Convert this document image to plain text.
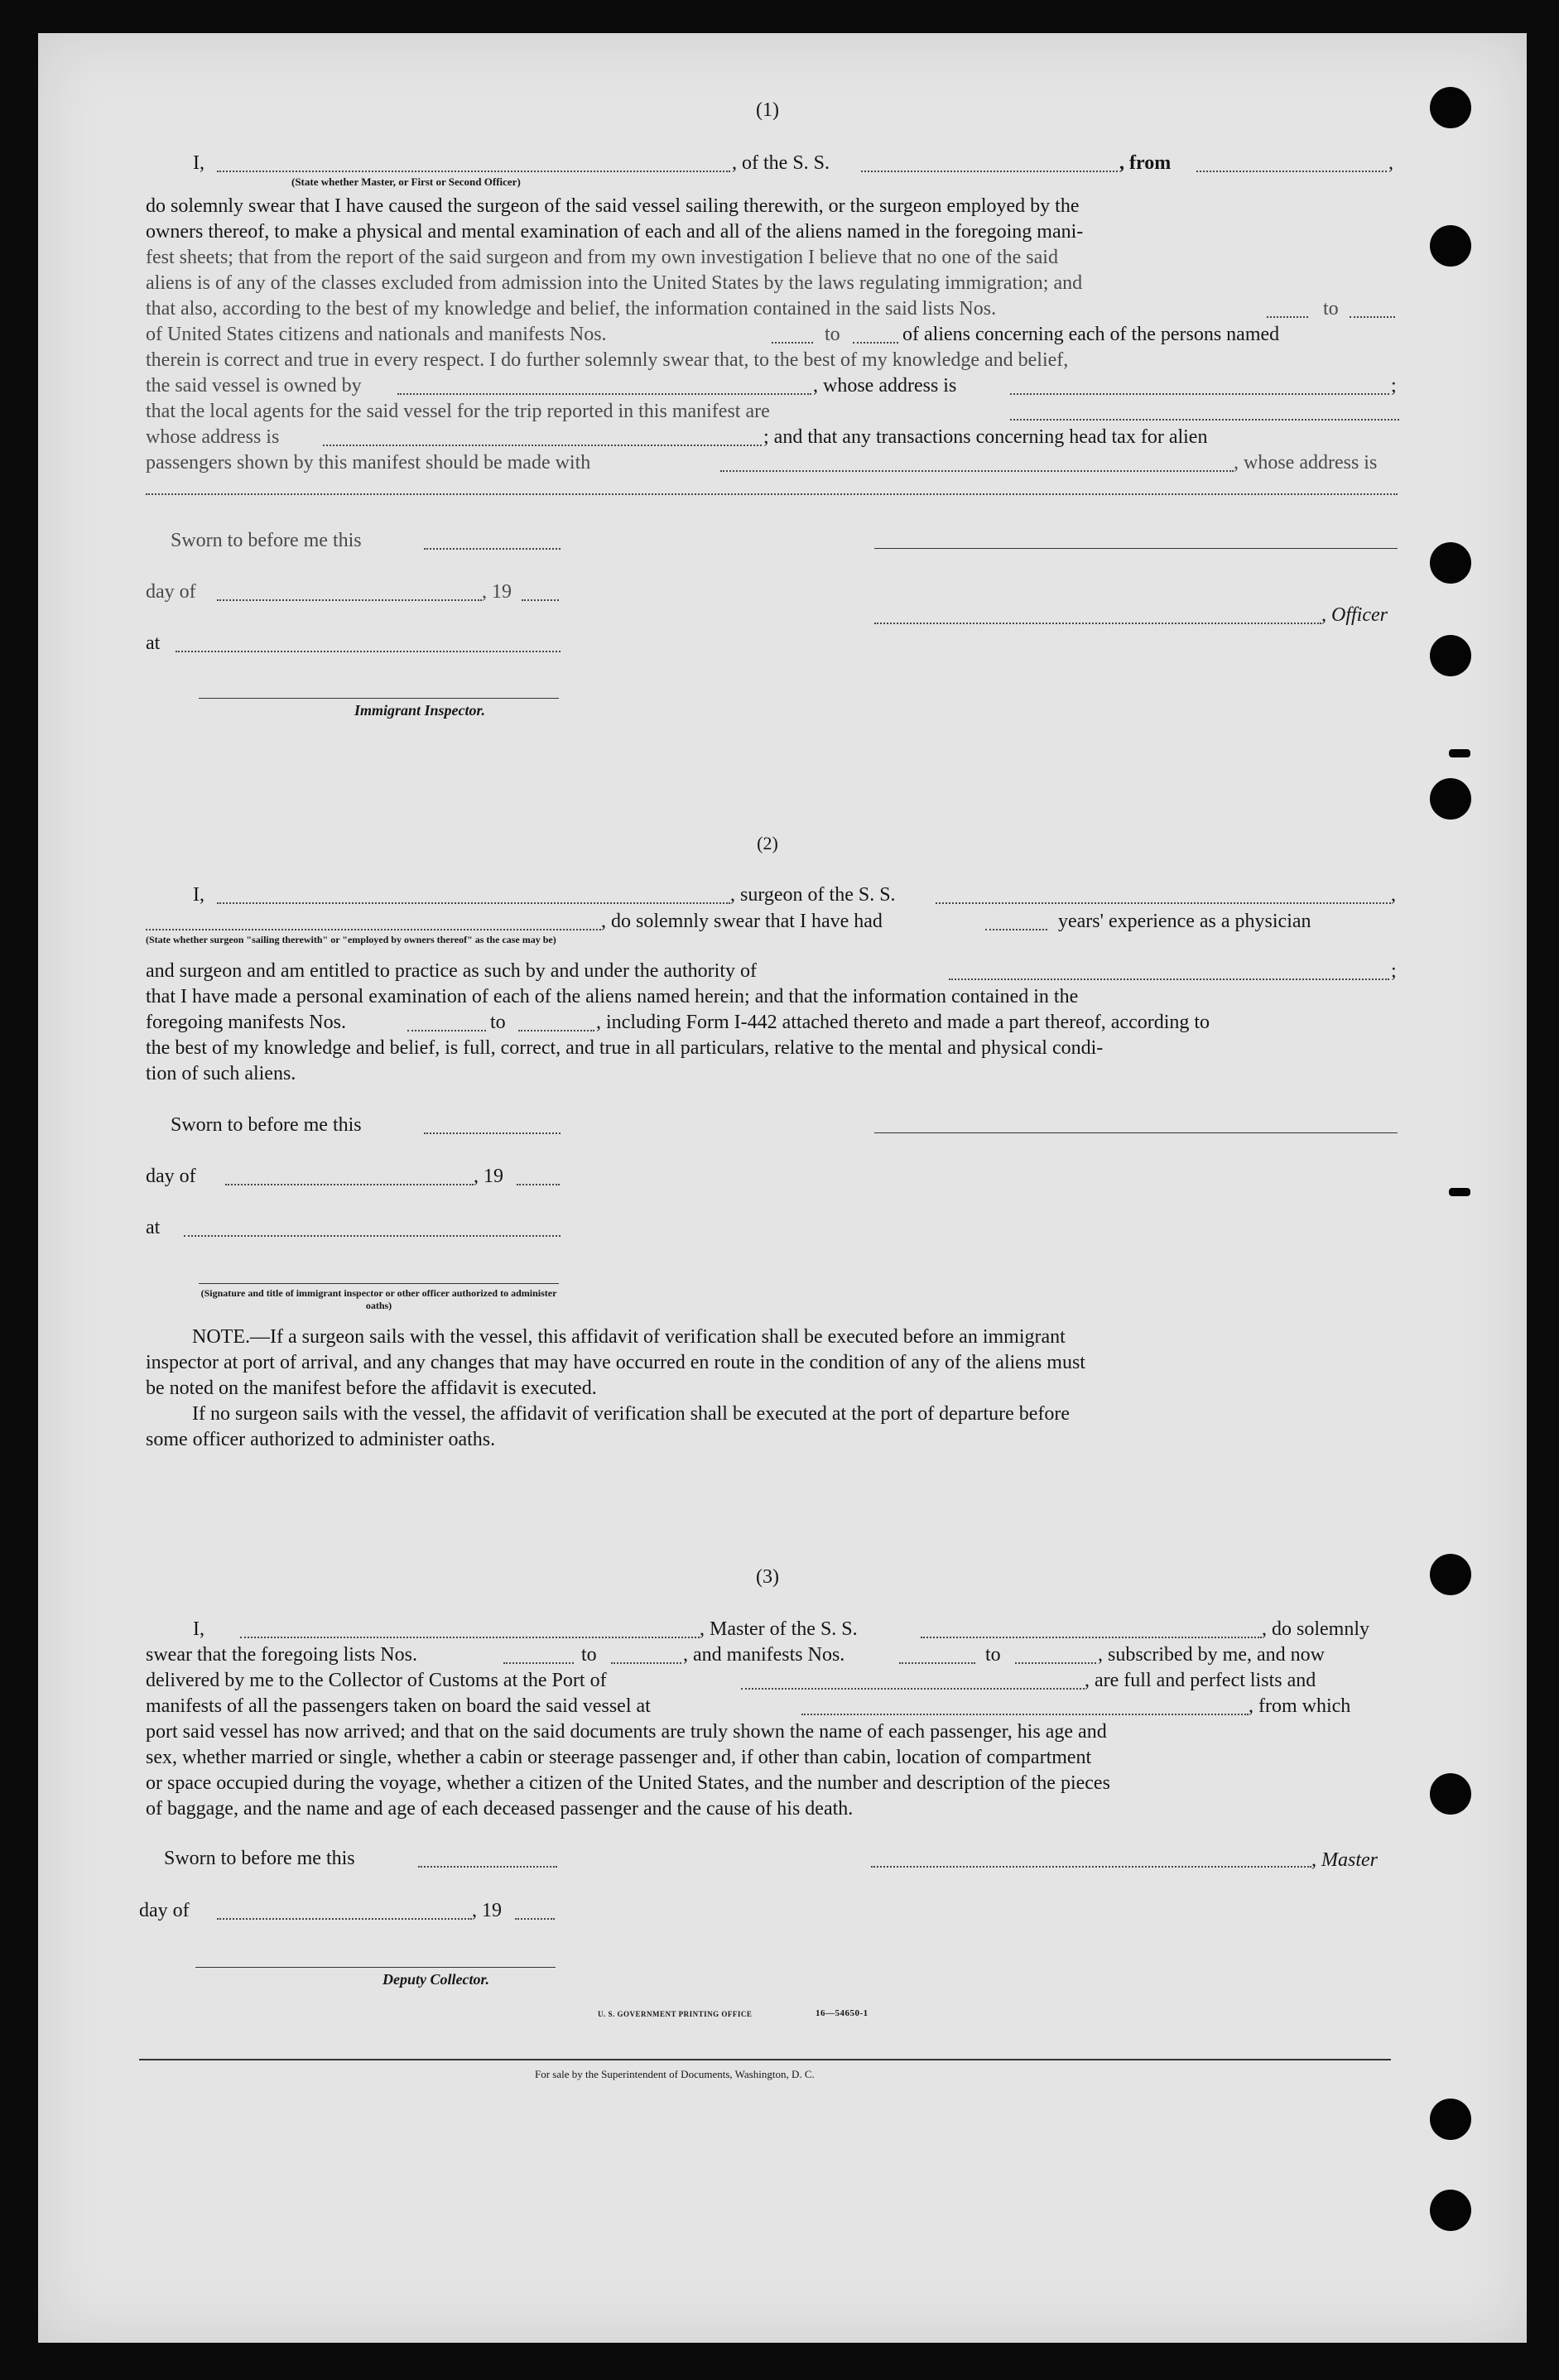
(1)

I,	, of the S. S.	, from	,

(State whether Master, or First or Second Officer)

do solemnly swear that I have caused the surgeon of the said vessel sailing therewith, or the surgeon employed by the

owners thereof, to make a physical and mental examination of each and all of the aliens named in the foregoing mani-

fest sheets; that from the report of the said surgeon and from my own investigation I believe that no one of the said

aliens is of any of the classes excluded from admission into the United States by the laws regulating immigration; and

that also, according to the best of my knowledge and belief, the information contained in the said lists Nos.	to

of United States citizens and nationals and manifests Nos.	to	of aliens concerning each of the persons named

therein is correct and true in every respect. I do further solemnly swear that, to the best of my knowledge and belief,

the said vessel is owned by	, whose address is	;

that the local agents for the said vessel for the trip reported in this manifest are

whose address is	; and that any transactions concerning head tax for alien

passengers shown by this manifest should be made with	, whose address is

Sworn to before me this

day of	, 19

, Officer

at

Immigrant Inspector.

(2)

I,	, surgeon of the S. S.	,

, do solemnly swear that I have had	years' experience as a physician

(State whether surgeon "sailing therewith" or "employed by owners thereof" as the case may be)

and surgeon and am entitled to practice as such by and under the authority of	;

that I have made a personal examination of each of the aliens named herein; and that the information contained in the

foregoing manifests Nos.	to	, including Form I-442 attached thereto and made a part thereof, according to

the best of my knowledge and belief, is full, correct, and true in all particulars, relative to the mental and physical condi-

tion of such aliens.

Sworn to before me this

day of	, 19

at

(Signature and title of immigrant inspector or other officer authorized to administer oaths)

NOTE.—If a surgeon sails with the vessel, this affidavit of verification shall be executed before an immigrant

inspector at port of arrival, and any changes that may have occurred en route in the condition of any of the aliens must

be noted on the manifest before the affidavit is executed.

If no surgeon sails with the vessel, the affidavit of verification shall be executed at the port of departure before

some officer authorized to administer oaths.

(3)

I,	, Master of the S. S.	, do solemnly

swear that the foregoing lists Nos.	to	, and manifests Nos.	to	, subscribed by me, and now

delivered by me to the Collector of Customs at the Port of	, are full and perfect lists and

manifests of all the passengers taken on board the said vessel at	, from which

port said vessel has now arrived; and that on the said documents are truly shown the name of each passenger, his age and

sex, whether married or single, whether a cabin or steerage passenger and, if other than cabin, location of compartment

or space occupied during the voyage, whether a citizen of the United States, and the number and description of the pieces

of baggage, and the name and age of each deceased passenger and the cause of his death.

Sworn to before me this	, Master

day of	, 19

Deputy Collector.

U. S. GOVERNMENT PRINTING OFFICE	16—54650-1

For sale by the Superintendent of Documents, Washington, D. C.
